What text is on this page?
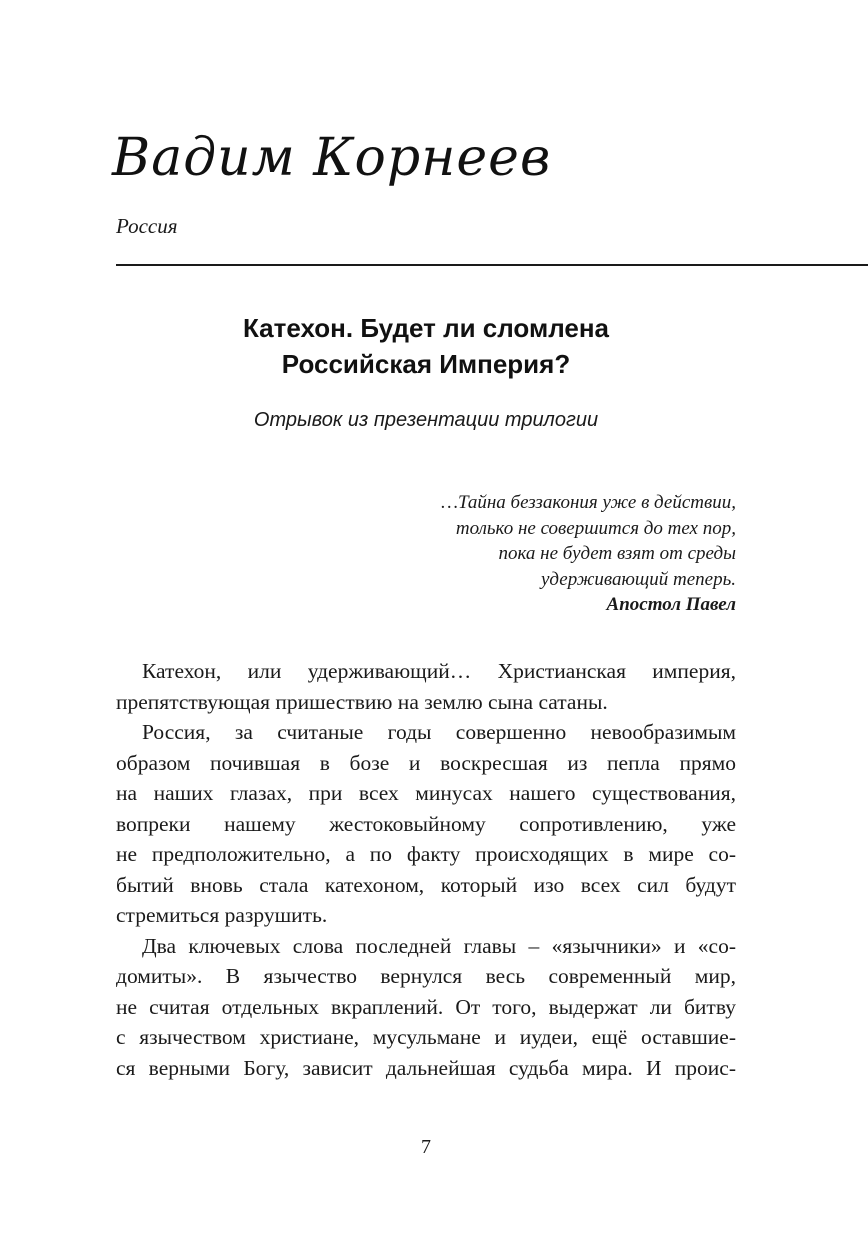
Вадим Корнеев

Россия

Катехон. Будет ли сломлена
Российская Империя?

Отрывок из презентации трилогии

…Тайна беззакония уже в действии,
только не совершится до тех пор,
пока не будет взят от среды
удерживающий теперь.
Апостол Павел
Катехон, или удерживающий… Христианская империя,
препятствующая пришествию на землю сына сатаны.
Россия, за считаные годы совершенно невообразимым
образом почившая в бозе и воскресшая из пепла прямо
на наших глазах, при всех минусах нашего существования,
вопреки нашему жестоковыйному сопротивлению, уже
не предположительно, а по факту происходящих в мире со-
бытий вновь стала катехоном, который изо всех сил будут
стремиться разрушить.
Два ключевых слова последней главы – «язычники» и «со-
домиты». В язычество вернулся весь современный мир,
не считая отдельных вкраплений. От того, выдержат ли битву
с язычеством христиане, мусульмане и иудеи, ещё оставшие-
ся верными Богу, зависит дальнейшая судьба мира. И проис-

7
